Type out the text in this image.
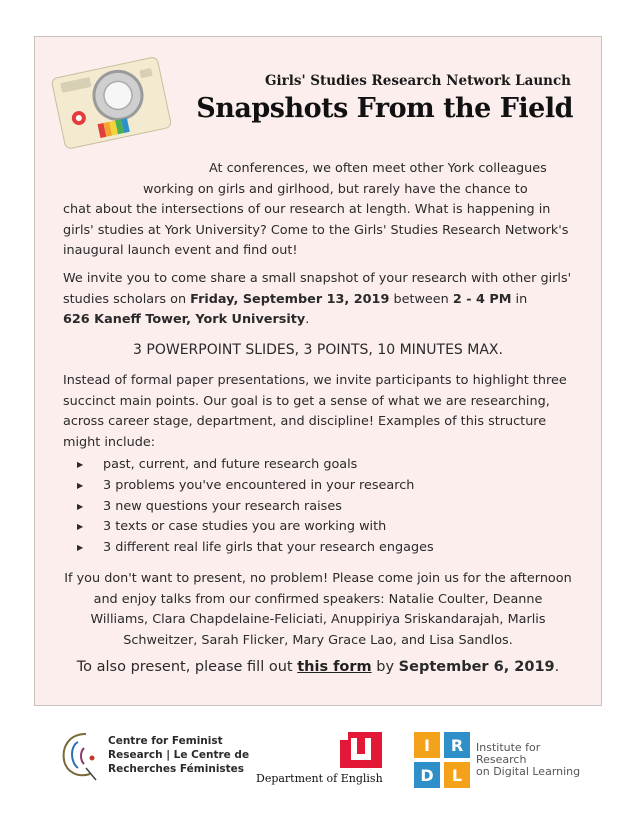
Girls' Studies Research Network Launch
Snapshots From the Field
At conferences, we often meet other York colleagues
working on girls and girlhood, but rarely have the chance to
chat about the intersections of our research at length. What is happening in girls' studies at York University? Come to the Girls' Studies Research Network's inaugural launch event and find out!
We invite you to come share a small snapshot of your research with other girls' studies scholars on Friday, September 13, 2019 between 2 - 4 PM in
626 Kaneff Tower, York University.
3 POWERPOINT SLIDES, 3 POINTS, 10 MINUTES MAX.
Instead of formal paper presentations, we invite participants to highlight three succinct main points. Our goal is to get a sense of what we are researching, across career stage, department, and discipline! Examples of this structure might include:
▶ past, current, and future research goals
▶ 3 problems you've encountered in your research
▶ 3 new questions your research raises
▶ 3 texts or case studies you are working with
▶ 3 different real life girls that your research engages
If you don't want to present, no problem! Please come join us for the afternoon and enjoy talks from our confirmed speakers: Natalie Coulter, Deanne Williams, Clara Chapdelaine-Feliciati, Anuppiriya Sriskandarajah, Marlis Schweitzer, Sarah Flicker, Mary Grace Lao, and Lisa Sandlos.
To also present, please fill out this form by September 6, 2019.
Centre for Feminist
Research | Le Centre de
Recherches Féministes
Department of English
I R
D L
Institute for
Research
on Digital Learning
